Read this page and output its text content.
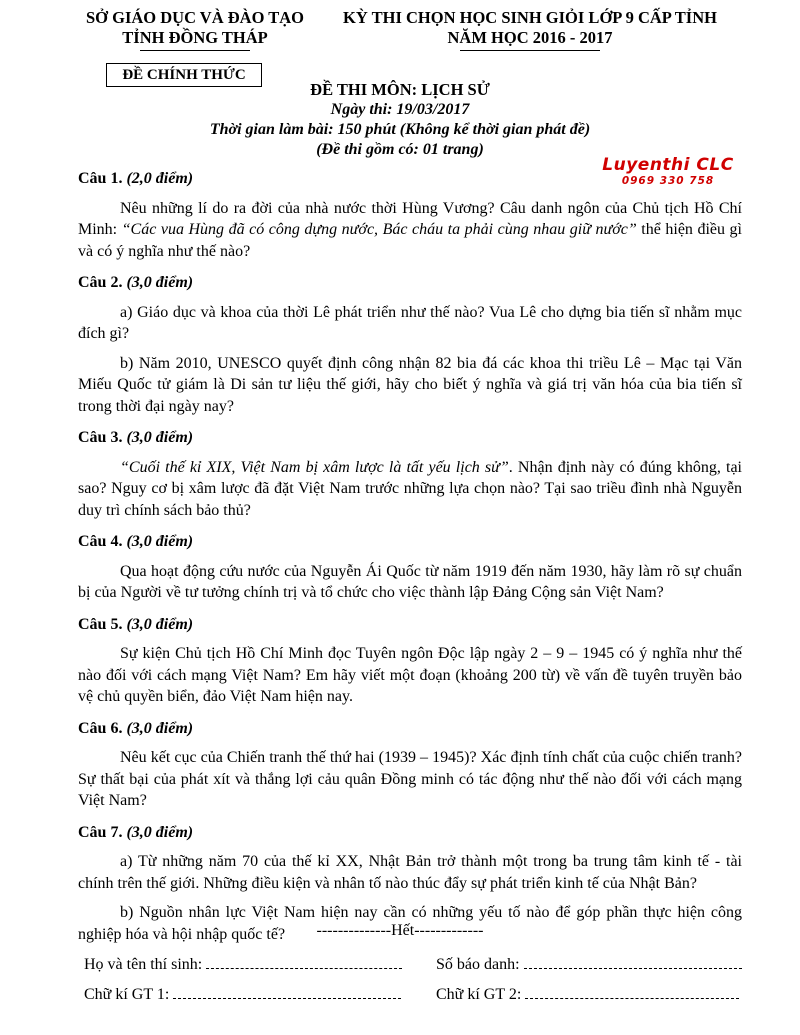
SỞ GIÁO DỤC VÀ ĐÀO TẠO
TỈNH ĐỒNG THÁP
KỲ THI CHỌN HỌC SINH GIỎI LỚP 9 CẤP TỈNH
NĂM HỌC 2016 - 2017
ĐỀ CHÍNH THỨC
ĐỀ THI MÔN: LỊCH SỬ
Ngày thi: 19/03/2017
Thời gian làm bài: 150 phút (Không kể thời gian phát đề)
(Đề thi gồm có: 01 trang)
Luyenthi CLC
0969 330 758

Câu 1. (2,0 điểm)

Nêu những lí do ra đời của nhà nước thời Hùng Vương? Câu danh ngôn của Chủ tịch Hồ Chí Minh: “Các vua Hùng đã có công dựng nước, Bác cháu ta phải cùng nhau giữ nước” thể hiện điều gì và có ý nghĩa như thế nào?

Câu 2. (3,0 điểm)

a) Giáo dục và khoa của thời Lê phát triển như thế nào? Vua Lê cho dựng bia tiến sĩ nhằm mục đích gì?

b) Năm 2010, UNESCO quyết định công nhận 82 bia đá các khoa thi triều Lê – Mạc tại Văn Miếu Quốc tử giám là Di sản tư liệu thế giới, hãy cho biết ý nghĩa và giá trị văn hóa của bia tiến sĩ trong thời đại ngày nay?

Câu 3. (3,0 điểm)

“Cuối thế kỉ XIX, Việt Nam bị xâm lược là tất yếu lịch sử”. Nhận định này có đúng không, tại sao? Nguy cơ bị xâm lược đã đặt Việt Nam trước những lựa chọn nào? Tại sao triều đình nhà Nguyễn duy trì chính sách bảo thủ?

Câu 4. (3,0 điểm)

Qua hoạt động cứu nước của Nguyễn Ái Quốc từ năm 1919 đến năm 1930, hãy làm rõ sự chuẩn bị của Người về tư tưởng chính trị và tổ chức cho việc thành lập Đảng Cộng sản Việt Nam?

Câu 5. (3,0 điểm)

Sự kiện Chủ tịch Hồ Chí Minh đọc Tuyên ngôn Độc lập ngày 2 – 9 – 1945 có ý nghĩa như thế nào đối với cách mạng Việt Nam? Em hãy viết một đoạn (khoảng 200 từ) về vấn đề tuyên truyền bảo vệ chủ quyền biển, đảo Việt Nam hiện nay.

Câu 6. (3,0 điểm)

Nêu kết cục của Chiến tranh thế thứ hai (1939 – 1945)? Xác định tính chất của cuộc chiến tranh? Sự thất bại của phát xít và thắng lợi cảu quân Đồng minh có tác động như thế nào đối với cách mạng Việt Nam?

Câu 7. (3,0 điểm)

a) Từ những năm 70 của thế kỉ XX, Nhật Bản trở thành một trong ba trung tâm kinh tế - tài chính trên thế giới. Những điều kiện và nhân tố nào thúc đẩy sự phát triển kinh tế của Nhật Bản?

b) Nguồn nhân lực Việt Nam hiện nay cần có những yếu tố nào để góp phần thực hiện công nghiệp hóa và hội nhập quốc tế?	--------------Hết-------------
Họ và tên thí sinh:	Số báo danh:
Chữ kí GT 1:	Chữ kí GT 2:
